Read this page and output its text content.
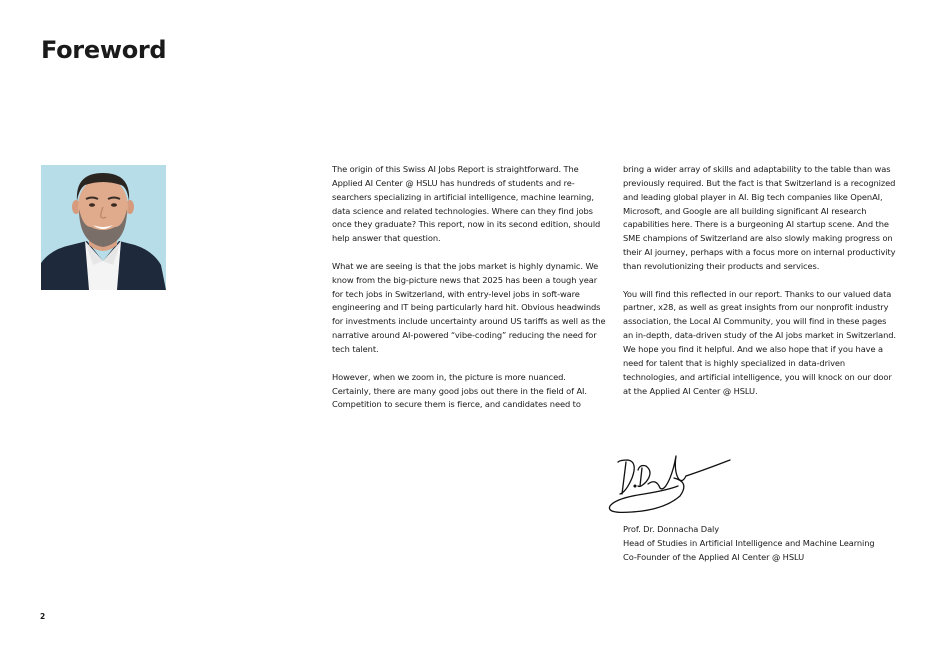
Foreword

The origin of this Swiss AI Jobs Report is straightforward. The Applied AI Center @ HSLU has hundreds of students and re-searchers specializing in artificial intelligence, machine learning, data science and related technologies. Where can they find jobs once they graduate? This report, now in its second edition, should help answer that question.

What we are seeing is that the jobs market is highly dynamic. We know from the big-picture news that 2025 has been a tough year for tech jobs in Switzerland, with entry-level jobs in soft-ware engineering and IT being particularly hard hit. Obvious headwinds for investments include uncertainty around US tariffs as well as the narrative around AI-powered “vibe-coding” reducing the need for tech talent.

However, when we zoom in, the picture is more nuanced. Certainly, there are many good jobs out there in the field of AI. Competition to secure them is fierce, and candidates need to

bring a wider array of skills and adaptability to the table than was previously required. But the fact is that Switzerland is a recognized and leading global player in AI. Big tech companies like OpenAI, Microsoft, and Google are all building significant AI research capabilities here. There is a burgeoning AI startup scene. And the SME champions of Switzerland are also slowly making progress on their AI journey, perhaps with a focus more on internal productivity than revolutionizing their products and services.

You will find this reflected in our report. Thanks to our valued data partner, x28, as well as great insights from our nonprofit industry association, the Local AI Community, you will find in these pages an in-depth, data-driven study of the AI jobs market in Switzerland. We hope you find it helpful. And we also hope that if you have a need for talent that is highly specialized in data-driven technologies, and artificial intelligence, you will knock on our door at the Applied AI Center @ HSLU.

Prof. Dr. Donnacha Daly
Head of Studies in Artificial Intelligence and Machine Learning
Co-Founder of the Applied AI Center @ HSLU
2
